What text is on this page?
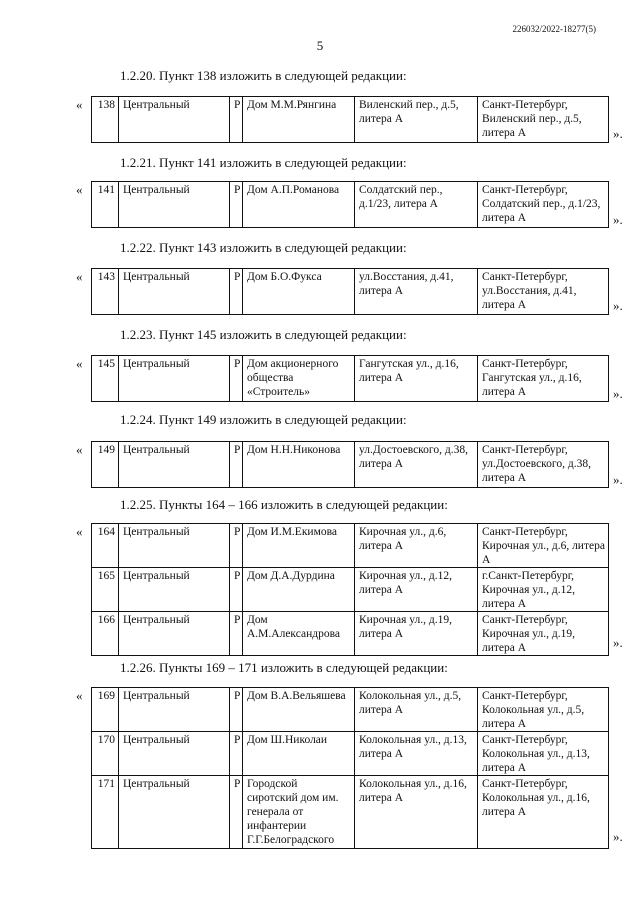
226032/2022-18277(5)
5
1.2.20. Пункт 138 изложить в следующей редакции:
« 138	Центральный	Р	Дом М.М.Рянгина	Виленский пер., д.5, литера А	Санкт-Петербург, Виленский пер., д.5, литера А	».
1.2.21. Пункт 141 изложить в следующей редакции:
« 141	Центральный	Р	Дом А.П.Романова	Солдатский пер., д.1/23, литера А	Санкт-Петербург, Солдатский пер., д.1/23, литера А	».
1.2.22. Пункт 143 изложить в следующей редакции:
« 143	Центральный	Р	Дом Б.О.Фукса	ул.Восстания, д.41, литера А	Санкт-Петербург, ул.Восстания, д.41, литера А	».
1.2.23. Пункт 145 изложить в следующей редакции:
« 145	Центральный	Р	Дом акционерного общества «Строитель»	Гангутская ул., д.16, литера А	Санкт-Петербург, Гангутская ул., д.16, литера А	».
1.2.24. Пункт 149 изложить в следующей редакции:
« 149	Центральный	Р	Дом Н.Н.Никонова	ул.Достоевского, д.38, литера А	Санкт-Петербург, ул.Достоевского, д.38, литера А	».
1.2.25. Пункты 164 – 166 изложить в следующей редакции:
« 164	Центральный	Р	Дом И.М.Екимова	Кирочная ул., д.6, литера А	Санкт-Петербург, Кирочная ул., д.6, литера А
165	Центральный	Р	Дом Д.А.Дурдина	Кирочная ул., д.12, литера А	г.Санкт-Петербург, Кирочная ул., д.12, литера А
166	Центральный	Р	Дом А.М.Александрова	Кирочная ул., д.19, литера А	Санкт-Петербург, Кирочная ул., д.19, литера А	».
1.2.26. Пункты 169 – 171 изложить в следующей редакции:
« 169	Центральный	Р	Дом В.А.Вельяшева	Колокольная ул., д.5, литера А	Санкт-Петербург, Колокольная ул., д.5, литера А
170	Центральный	Р	Дом Ш.Николаи	Колокольная ул., д.13, литера А	Санкт-Петербург, Колокольная ул., д.13, литера А
171	Центральный	Р	Городской сиротский дом им. генерала от инфантерии Г.Г.Белоградского	Колокольная ул., д.16, литера А	Санкт-Петербург, Колокольная ул., д.16, литера А
».
